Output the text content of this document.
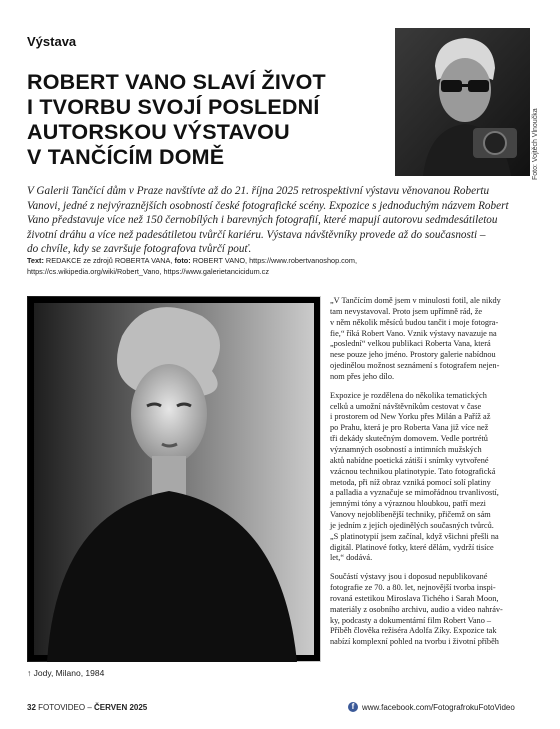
Výstava
ROBERT VANO SLAVÍ ŽIVOT
I TVORBU SVOJÍ POSLEDNÍ
AUTORSKOU VÝSTAVOU
V TANČÍCÍM DOMĚ	Foto: Vojtěch Vlnoučka
V Galerii Tančící dům v Praze navštívte až do 21. října 2025 retrospektivní výstavu věnovanou Robertu
Vanovi, jedné z nejvýraznějších osobností české fotografické scény. Expozice s jednoduchým názvem Robert
Vano představuje více než 150 černobílých i barevných fotografií, které mapují autorovu sedmdesátiletou
životní dráhu a více než padesátiletou tvůrčí kariéru. Výstava návštěvníky provede až do současnosti –
do chvíle, kdy se završuje fotografova tvůrčí pouť.
Text: REDAKCE ze zdrojů ROBERTA VANA, foto: ROBERT VANO, https://www.robertvanoshop.com,
https://cs.wikipedia.org/wiki/Robert_Vano, https://www.galerietancicidum.cz
↑ Jody, Milano, 1984
„V Tančícím domě jsem v minulosti fotil, ale nikdy
tam nevystavoval. Proto jsem upřímně rád, že
v něm několik měsíců budou tančit i moje fotogra-
fie,“ říká Robert Vano. Vznik výstavy navazuje na
„poslední“ velkou publikaci Roberta Vana, která
nese pouze jeho jméno. Prostory galerie nabídnou
ojedinělou možnost seznámení s fotografem nejen-
nom přes jeho dílo.
Expozice je rozdělena do několika tematických
celků a umožní návštěvníkům cestovat v čase
i prostorem od New Yorku přes Milán a Paříž až
po Prahu, která je pro Roberta Vana již více než
tři dekády skutečným domovem. Vedle portrétů
významných osobností a intimních mužských
aktů nabídne poetická zátiší i snímky vytvořené
vzácnou technikou platinotypie. Tato fotografická
metoda, při níž obraz vzniká pomocí solí platiny
a palladia a vyznačuje se mimořádnou trvanlivostí,
jemnými tóny a výraznou hloubkou, patří mezi
Vanovy nejoblíbenější techniky, přičemž on sám
je jedním z jejích ojedinělých současných tvůrců.
„S platinotypií jsem začínal, když všichni přešli na
digitál. Platinové fotky, které dělám, vydrží tisíce
let,“ dodává.
Součástí výstavy jsou i doposud nepublikované
fotografie ze 70. a 80. let, nejnovější tvorba inspi-
rovaná estetikou Miroslava Tichého i Sarah Moon,
materiály z osobního archivu, audio a video nahráv-
ky, podcasty a dokumentární film Robert Vano –
Příběh člověka režiséra Adolfa Zíky. Expozice tak
nabízí komplexní pohled na tvorbu i životní příběh
32 FOTOVIDEO – ČERVEN 2025	f www.facebook.com/FotografrokuFotoVideo
